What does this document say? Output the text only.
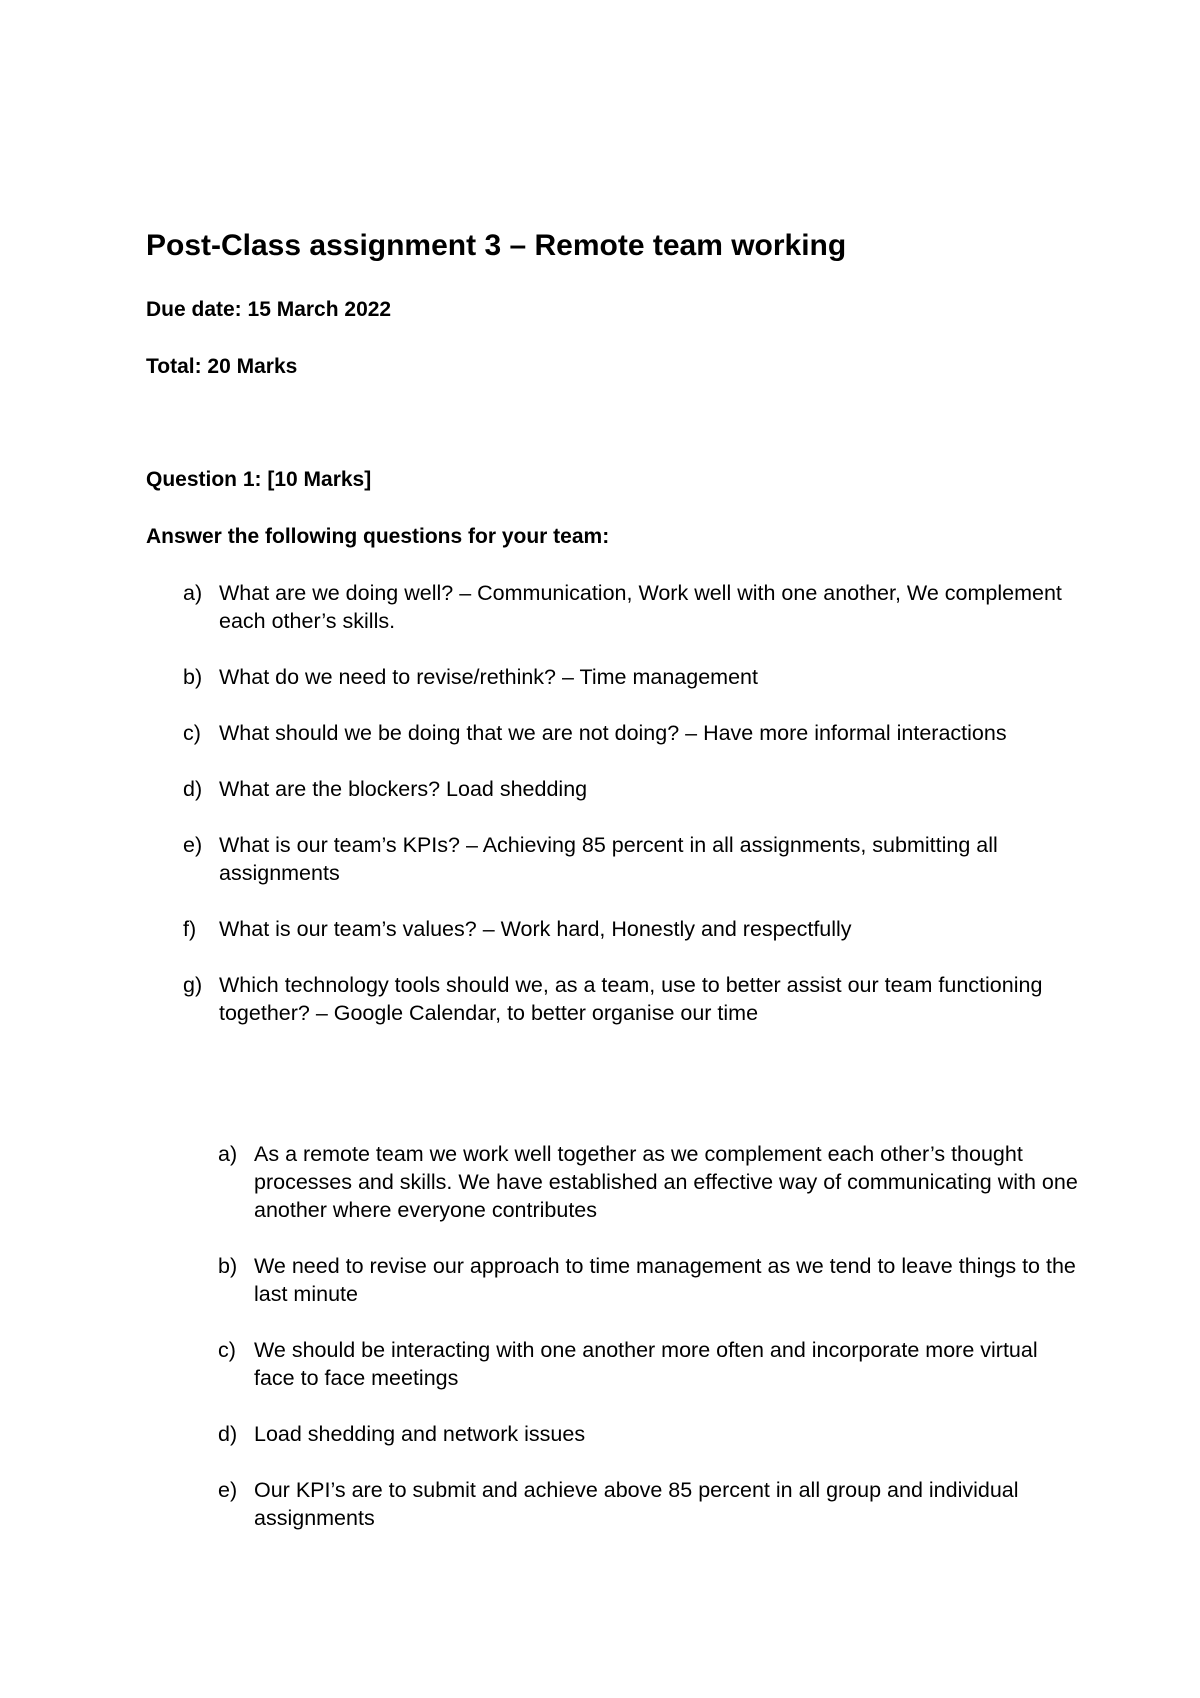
Post-Class assignment 3 – Remote team working
Due date: 15 March 2022
Total: 20 Marks
Question 1: [10 Marks]
Answer the following questions for your team:
a) What are we doing well? – Communication, Work well with one another, We complement each other’s skills.
b) What do we need to revise/rethink? – Time management
c) What should we be doing that we are not doing? – Have more informal interactions
d) What are the blockers? Load shedding
e) What is our team’s KPIs? – Achieving 85 percent in all assignments, submitting all assignments
f) What is our team’s values? – Work hard, Honestly and respectfully
g) Which technology tools should we, as a team, use to better assist our team functioning together? – Google Calendar, to better organise our time
a) As a remote team we work well together as we complement each other’s thought processes and skills. We have established an effective way of communicating with one another where everyone contributes
b) We need to revise our approach to time management as we tend to leave things to the last minute
c) We should be interacting with one another more often and incorporate more virtual face to face meetings
d) Load shedding and network issues
e) Our KPI’s are to submit and achieve above 85 percent in all group and individual assignments
